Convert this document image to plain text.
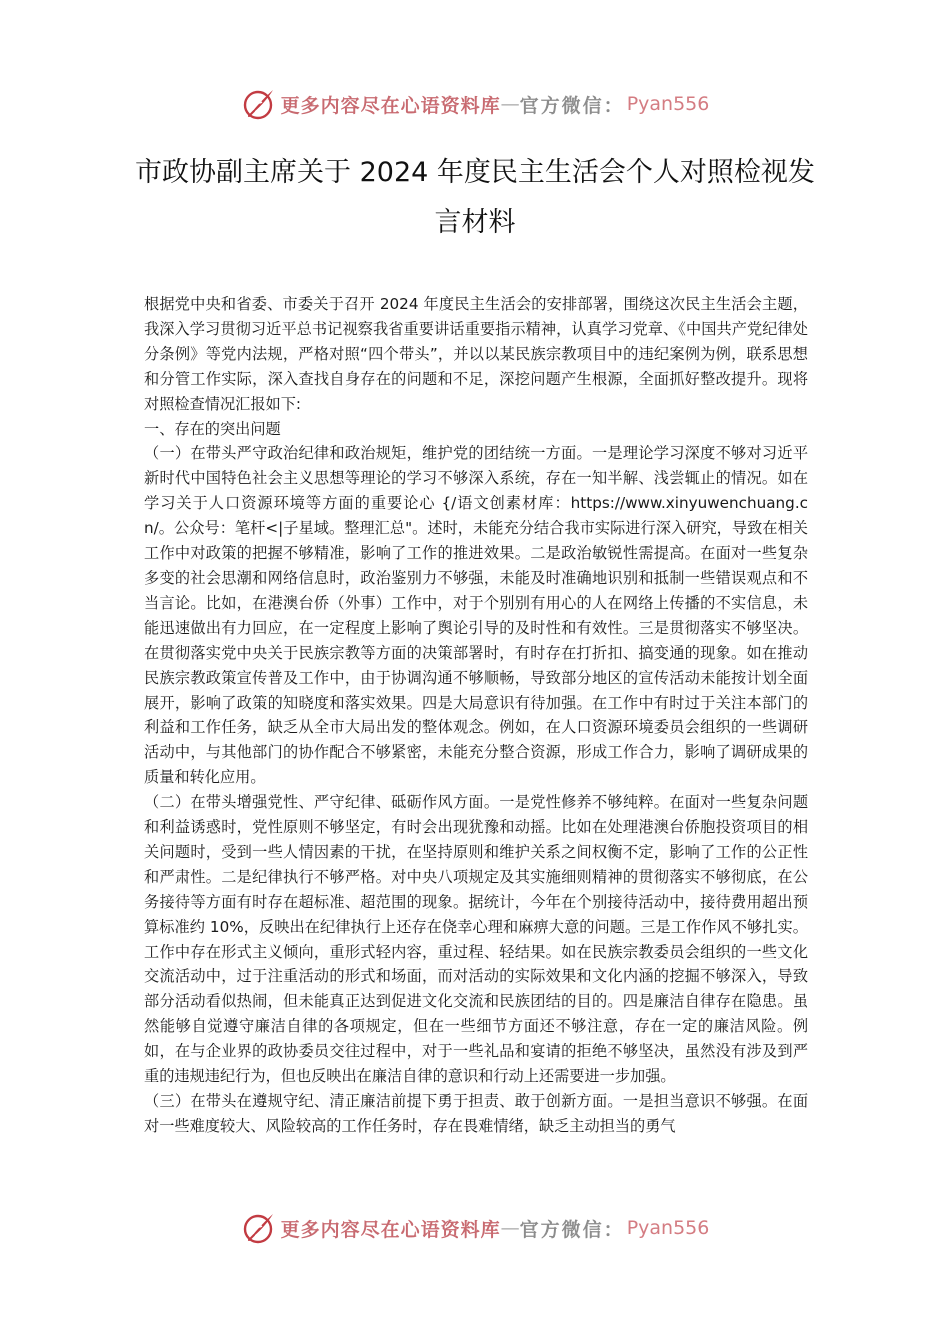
更多内容尽在心语资料库 — 官方微信： Pyan556
市政协副主席关于 2024 年度民主生活会个人对照检视发言材料

根据党中央和省委、市委关于召开 2024 年度民主生活会的安排部署，围绕这次民主生活会主题，我深入学习贯彻习近平总书记视察我省重要讲话重要指示精神，认真学习党章、《中国共产党纪律处分条例》等党内法规，严格对照“四个带头”，并以以某民族宗教项目中的违纪案例为例，联系思想和分管工作实际，深入查找自身存在的问题和不足，深挖问题产生根源，全面抓好整改提升。现将对照检查情况汇报如下:

一、存在的突出问题

（一）在带头严守政治纪律和政治规矩，维护党的团结统一方面。一是理论学习深度不够对习近平新时代中国特色社会主义思想等理论的学习不够深入系统，存在一知半解、浅尝辄止的情况。如在学习关于人口资源环境等方面的重要论心 {/语文创素材库：https://www.xinyuwenchuang.cn/。公众号：笔杆<|子星域。整理汇总"。述时，未能充分结合我市实际进行深入研究，导致在相关工作中对政策的把握不够精准，影响了工作的推进效果。二是政治敏锐性需提高。在面对一些复杂多变的社会思潮和网络信息时，政治鉴别力不够强，未能及时准确地识别和抵制一些错误观点和不当言论。比如，在港澳台侨（外事）工作中，对于个别别有用心的人在网络上传播的不实信息，未能迅速做出有力回应，在一定程度上影响了舆论引导的及时性和有效性。三是贯彻落实不够坚决。在贯彻落实党中央关于民族宗教等方面的决策部署时，有时存在打折扣、搞变通的现象。如在推动民族宗教政策宣传普及工作中，由于协调沟通不够顺畅，导致部分地区的宣传活动未能按计划全面展开，影响了政策的知晓度和落实效果。四是大局意识有待加强。在工作中有时过于关注本部门的利益和工作任务，缺乏从全市大局出发的整体观念。例如，在人口资源环境委员会组织的一些调研活动中，与其他部门的协作配合不够紧密，未能充分整合资源，形成工作合力，影响了调研成果的质量和转化应用。

（二）在带头增强党性、严守纪律、砥砺作风方面。一是党性修养不够纯粹。在面对一些复杂问题和利益诱惑时，党性原则不够坚定，有时会出现犹豫和动摇。比如在处理港澳台侨胞投资项目的相关问题时，受到一些人情因素的干扰，在坚持原则和维护关系之间权衡不定，影响了工作的公正性和严肃性。二是纪律执行不够严格。对中央八项规定及其实施细则精神的贯彻落实不够彻底，在公务接待等方面有时存在超标准、超范围的现象。据统计，今年在个别接待活动中，接待费用超出预算标准约 10%，反映出在纪律执行上还存在侥幸心理和麻痹大意的问题。三是工作作风不够扎实。工作中存在形式主义倾向，重形式轻内容，重过程、轻结果。如在民族宗教委员会组织的一些文化交流活动中，过于注重活动的形式和场面，而对活动的实际效果和文化内涵的挖掘不够深入，导致部分活动看似热闹，但未能真正达到促进文化交流和民族团结的目的。四是廉洁自律存在隐患。虽然能够自觉遵守廉洁自律的各项规定，但在一些细节方面还不够注意，存在一定的廉洁风险。例如，在与企业界的政协委员交往过程中，对于一些礼品和宴请的拒绝不够坚决，虽然没有涉及到严重的违规违纪行为，但也反映出在廉洁自律的意识和行动上还需要进一步加强。

（三）在带头在遵规守纪、清正廉洁前提下勇于担责、敢于创新方面。一是担当意识不够强。在面对一些难度较大、风险较高的工作任务时，存在畏难情绪，缺乏主动担当的勇气

更多内容尽在心语资料库 — 官方微信： Pyan556
